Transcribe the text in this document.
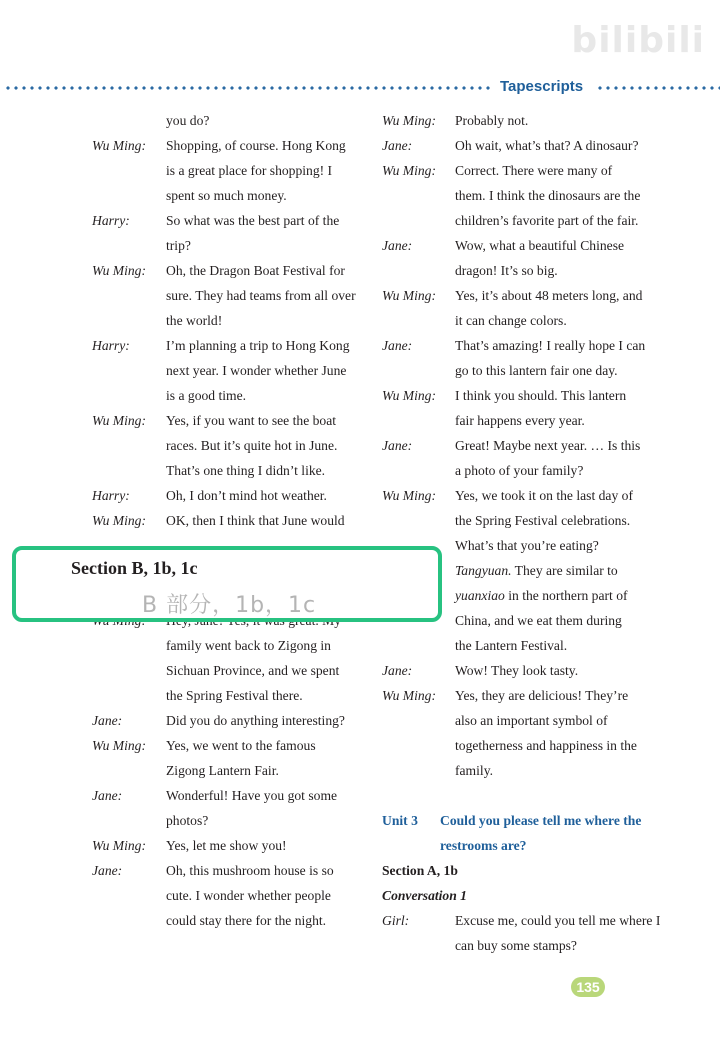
bilibili
Tapescripts
you do?
Wu Ming: Shopping, of course. Hong Kong
is a great place for shopping! I
spent so much money.
Harry:	So what was the best part of the
trip?
Wu Ming: Oh, the Dragon Boat Festival for
sure. They had teams from all over
the world!
Harry:	I’m planning a trip to Hong Kong
next year. I wonder whether June
is a good time.
Wu Ming: Yes, if you want to see the boat
races. But it’s quite hot in June.
That’s one thing I didn’t like.
Harry:	Oh, I don’t mind hot weather.
Wu Ming: OK, then I think that June would
family went back to Zigong in
Sichuan Province, and we spent
the Spring Festival there.
Jane:	Did you do anything interesting?
Wu Ming: Yes, we went to the famous
Zigong Lantern Fair.
Jane:	Wonderful! Have you got some
photos?
Wu Ming: Yes, let me show you!
Jane:	Oh, this mushroom house is so
cute. I wonder whether people
could stay there for the night.
Wu Ming: Probably not.
Jane:	Oh wait, what’s that? A dinosaur?
Wu Ming: Correct. There were many of
them. I think the dinosaurs are the
children’s favorite part of the fair.
Jane:	Wow, what a beautiful Chinese
dragon! It’s so big.
Wu Ming: Yes, it’s about 48 meters long, and
it can change colors.
Jane:	That’s amazing! I really hope I can
go to this lantern fair one day.
Wu Ming: I think you should. This lantern
fair happens every year.
Jane:	Great! Maybe next year. … Is this
a photo of your family?
Wu Ming: Yes, we took it on the last day of
the Spring Festival celebrations.
What’s that you’re eating?
Tangyuan. They are similar to
yuanxiao in the northern part of
China, and we eat them during
the Lantern Festival.
Jane:	Wow! They look tasty.
Wu Ming: Yes, they are delicious! They’re
also an important symbol of
togetherness and happiness in the
family.
Unit 3 Could you please tell me where the
restrooms are?
Section A, 1b
Conversation 1
Girl:	Excuse me, could you tell me where I
can buy some stamps?
Section B, 1b, 1c
B 部分，1b，1c
135
